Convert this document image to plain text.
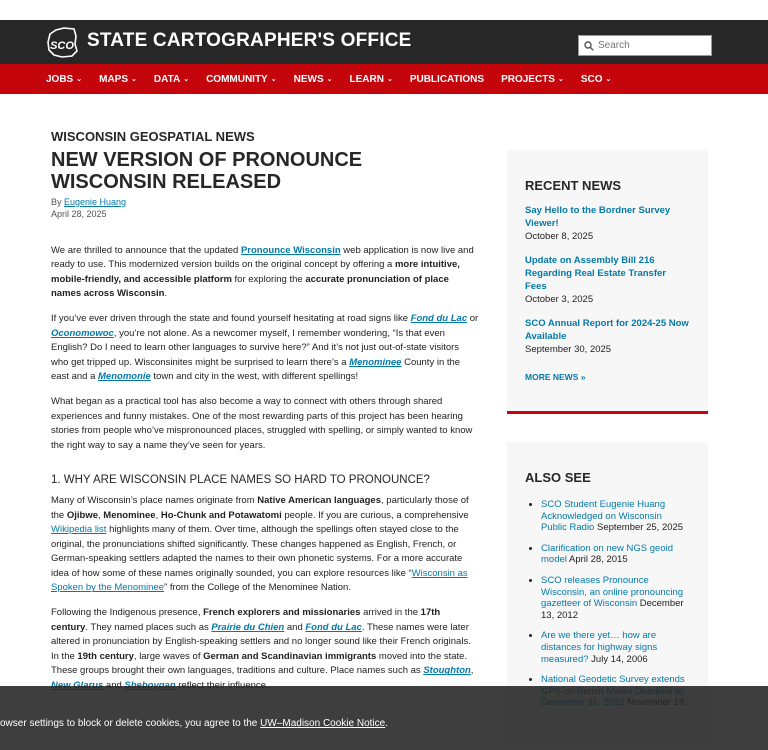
SCO STATE CARTOGRAPHER'S OFFICE
Search
JOBS ⌄ MAPS ⌄ DATA ⌄ COMMUNITY ⌄ NEWS ⌄ LEARN ⌄ PUBLICATIONS PROJECTS ⌄ SCO ⌄
WISCONSIN GEOSPATIAL NEWS
NEW VERSION OF PRONOUNCE WISCONSIN RELEASED
By Eugenie Huang
April 28, 2025

We are thrilled to announce that the updated Pronounce Wisconsin web application is now live and ready to use. This modernized version builds on the original concept by offering a more intuitive, mobile-friendly, and accessible platform for exploring the accurate pronunciation of place names across Wisconsin.

If you’ve ever driven through the state and found yourself hesitating at road signs like Fond du Lac or Oconomowoc, you’re not alone. As a newcomer myself, I remember wondering, “Is that even English? Do I need to learn other languages to survive here?” And it’s not just out-of-state visitors who get tripped up. Wisconsinites might be surprised to learn there’s a Menominee County in the east and a Menomonie town and city in the west, with different spellings!

What began as a practical tool has also become a way to connect with others through shared experiences and funny mistakes. One of the most rewarding parts of this project has been hearing stories from people who’ve mispronounced places, struggled with spelling, or simply wanted to know the right way to say a name they’ve seen for years.

1. WHY ARE WISCONSIN PLACE NAMES SO HARD TO PRONOUNCE?

Many of Wisconsin’s place names originate from Native American languages, particularly those of the Ojibwe, Menominee, Ho-Chunk and Potawatomi people. If you are curious, a comprehensive Wikipedia list highlights many of them. Over time, although the spellings often stayed close to the original, the pronunciations shifted significantly. These changes happened as English, French, or German-speaking settlers adapted the names to their own phonetic systems. For a more accurate idea of how some of these names originally sounded, you can explore resources like “Wisconsin as Spoken by the Menominee” from the College of the Menominee Nation.

Following the Indigenous presence, French explorers and missionaries arrived in the 17th century. They named places such as Prairie du Chien and Fond du Lac. These names were later altered in pronunciation by English-speaking settlers and no longer sound like their French originals. In the 19th century, large waves of German and Scandinavian immigrants moved into the state. These groups brought their own languages, traditions and culture. Place names such as Stoughton,

RECENT NEWS
Say Hello to the Bordner Survey Viewer!
October 8, 2025
Update on Assembly Bill 216 Regarding Real Estate Transfer Fees
October 3, 2025
SCO Annual Report for 2024-25 Now Available
September 30, 2025
MORE NEWS »
ALSO SEE
• SCO Student Eugenie Huang Acknowledged on Wisconsin Public Radio September 25, 2025
• Clarification on new NGS geoid model April 28, 2015
• SCO releases Pronounce Wisconsin, an online pronouncing gazetteer of Wisconsin December 13, 2012
• Are we there yet… how are distances for highway signs measured? July 14, 2006
• National Geodetic Survey extends
owser settings to block or delete cookies, you agree to the UW–Madison Cookie Notice.
